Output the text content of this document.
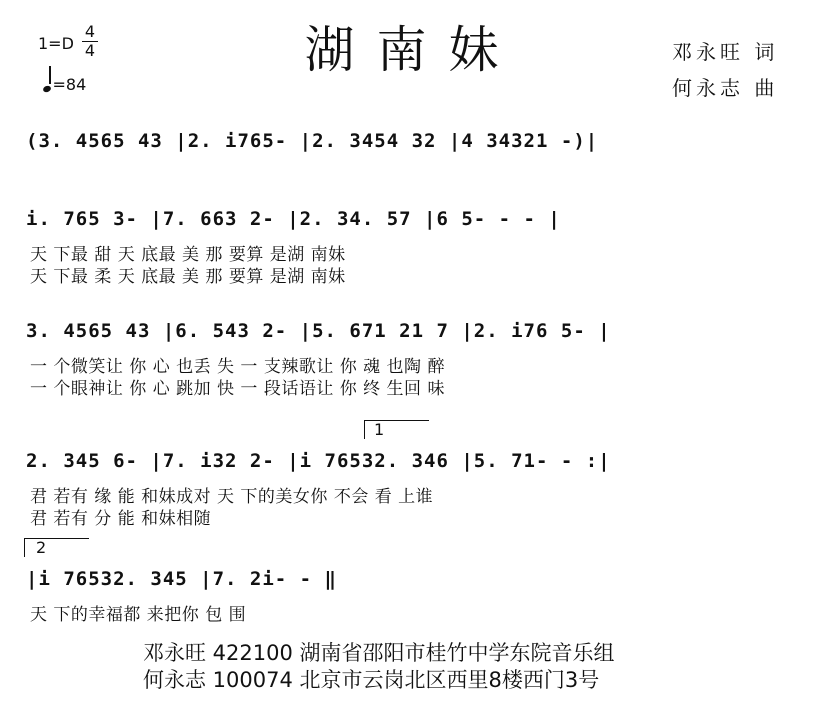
1=D
4
4
=84
湖南妹	邓永旺 词
何永志 曲
(3. 4565 43 |2. i765- |2. 3454 32 |4 34321 -)|
i. 765 3- |7. 663 2- |2. 34. 57 |6 5- - - |
天 下最 甜 天 底最 美 那 要算 是湖 南妹
天 下最 柔 天 底最 美 那 要算 是湖 南妹
3. 4565 43 |6. 543 2- |5. 671 21 7 |2. i76 5- |
一 个微笑让 你 心 也丢 失 一 支辣歌让 你 魂 也陶 醉
一 个眼神让 你 心 跳加 快 一 段话语让 你 终 生回 味
1
2. 345 6- |7. i32 2- |i 76532. 346 |5. 71- - :|
君 若有 缘 能 和妹成对 天 下的美女你 不会 看 上谁
君 若有 分 能 和妹相随
2
|i 76532. 345 |7. 2i- - ‖
天 下的幸福都 来把你 包 围
邓永旺 422100 湖南省邵阳市桂竹中学东院音乐组
何永志 100074 北京市云岗北区西里8楼西门3号
